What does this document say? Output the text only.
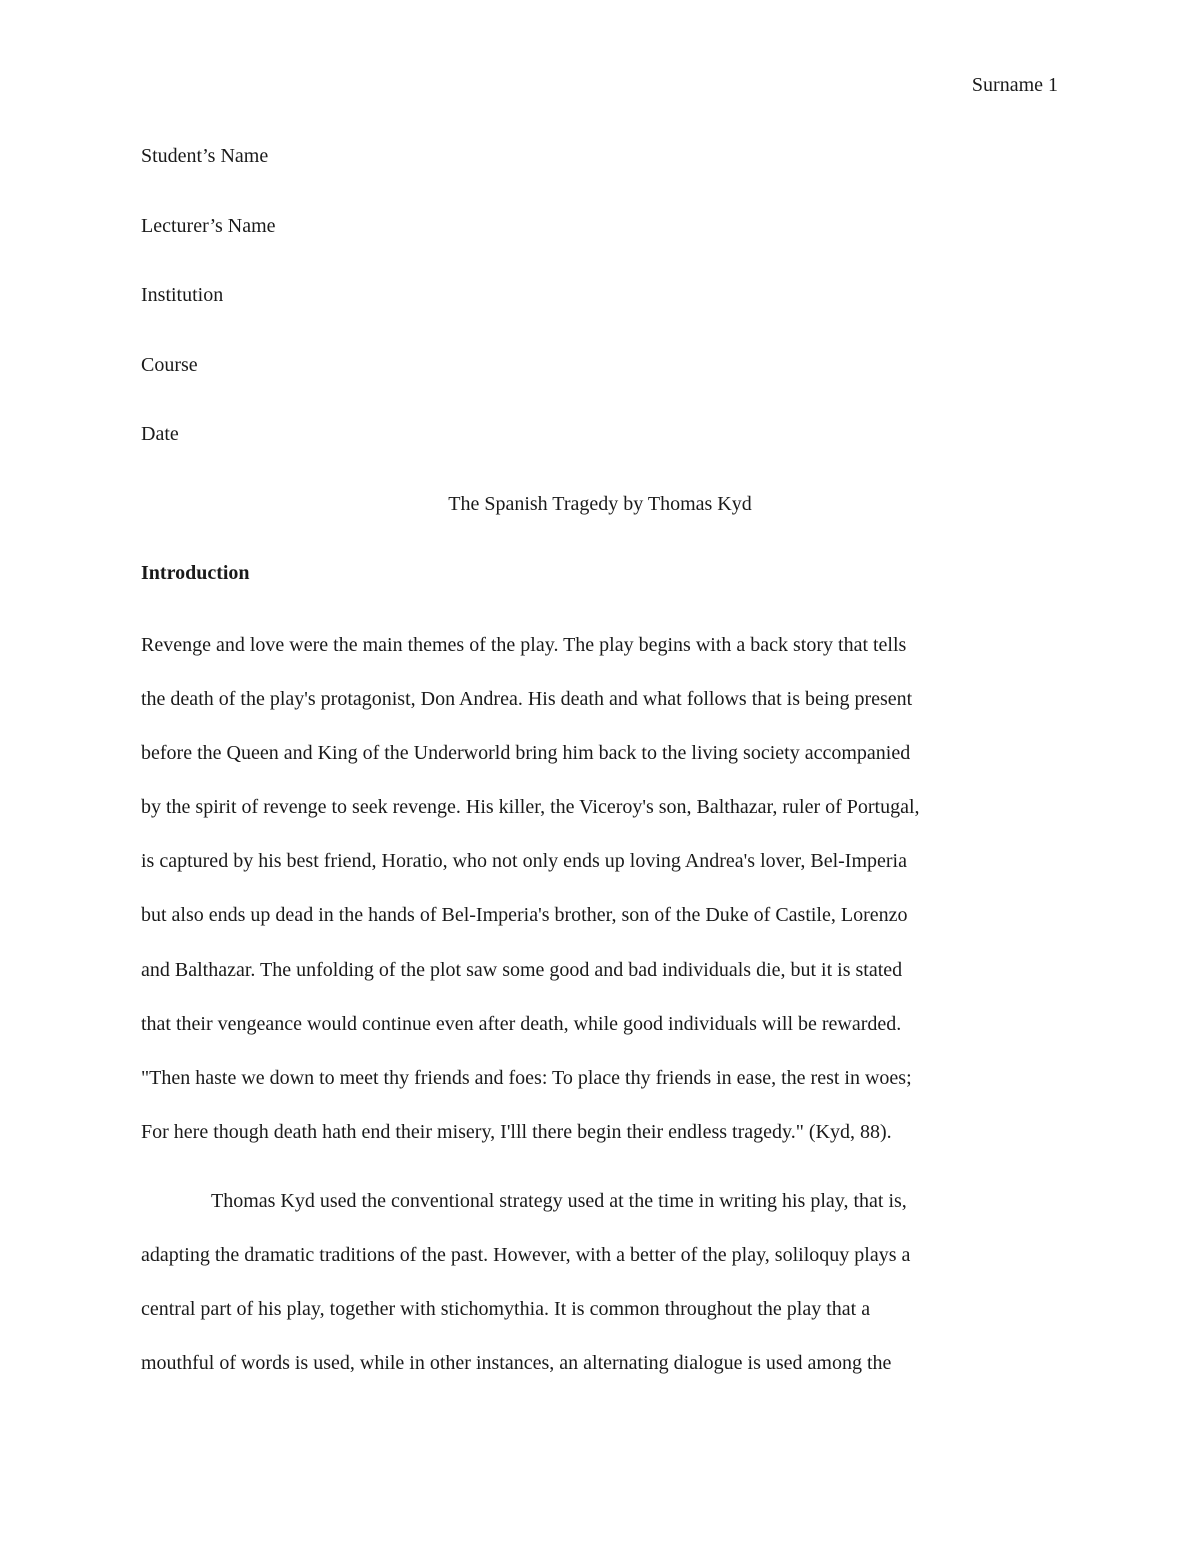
Surname 1
Student’s Name
Lecturer’s Name
Institution
Course
Date
The Spanish Tragedy by Thomas Kyd
Introduction
Revenge and love were the main themes of the play. The play begins with a back story that tells
the death of the play's protagonist, Don Andrea. His death and what follows that is being present
before the Queen and King of the Underworld bring him back to the living society accompanied
by the spirit of revenge to seek revenge. His killer, the Viceroy's son, Balthazar, ruler of Portugal,
is captured by his best friend, Horatio, who not only ends up loving Andrea's lover, Bel-Imperia
but also ends up dead in the hands of Bel-Imperia's brother, son of the Duke of Castile, Lorenzo
and Balthazar. The unfolding of the plot saw some good and bad individuals die, but it is stated
that their vengeance would continue even after death, while good individuals will be rewarded.
"Then haste we down to meet thy friends and foes: To place thy friends in ease, the rest in woes;
For here though death hath end their misery, I'lll there begin their endless tragedy." (Kyd, 88).
Thomas Kyd used the conventional strategy used at the time in writing his play, that is,
adapting the dramatic traditions of the past. However, with a better of the play, soliloquy plays a
central part of his play, together with stichomythia. It is common throughout the play that a
mouthful of words is used, while in other instances, an alternating dialogue is used among the
